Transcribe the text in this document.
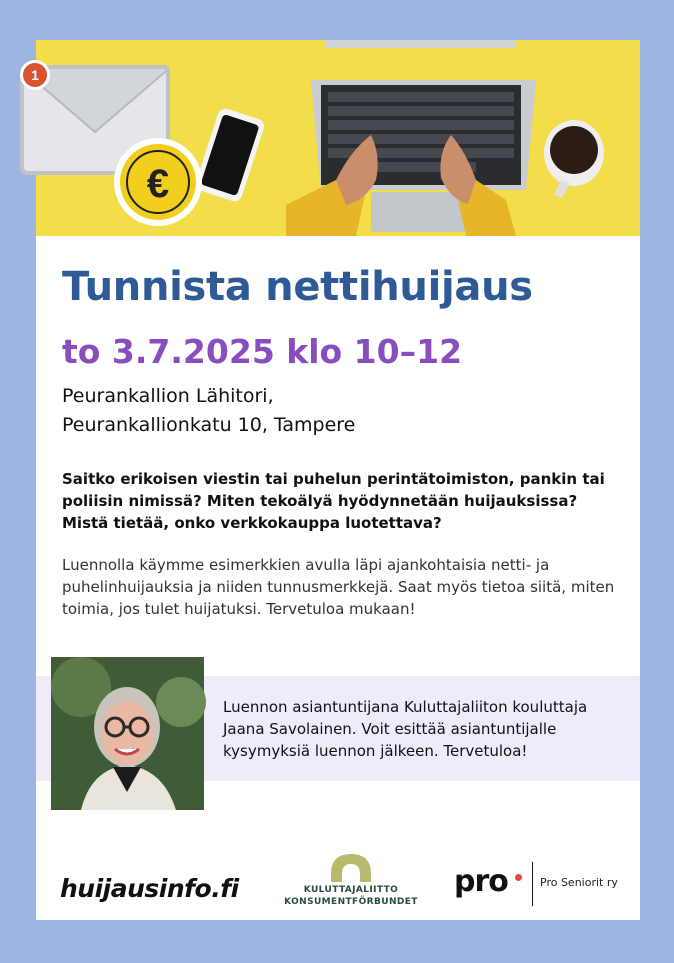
1
€
Tunnista nettihuijaus
to 3.7.2025 klo 10–12
Peurankallion Lähitori,
Peurankallionkatu 10, Tampere

Saitko erikoisen viestin tai puhelun perintätoimiston, pankin tai poliisin nimissä? Miten tekoälyä hyödynnetään huijauksissa? Mistä tietää, onko verkkokauppa luotettava?

Luennolla käymme esimerkkien avulla läpi ajankohtaisia netti- ja puhelinhuijauksia ja niiden tunnusmerkkejä. Saat myös tietoa siitä, miten toimia, jos tulet huijatuksi. Tervetuloa mukaan!

Luennon asiantuntijana Kuluttajaliiton kouluttaja Jaana Savolainen. Voit esittää asiantuntijalle kysymyksiä luennon jälkeen. Tervetuloa!

huijausinfo.fi	KULUTTAJALIITTO
KONSUMENTFÖRBUNDET
pro	Pro Seniorit ry
